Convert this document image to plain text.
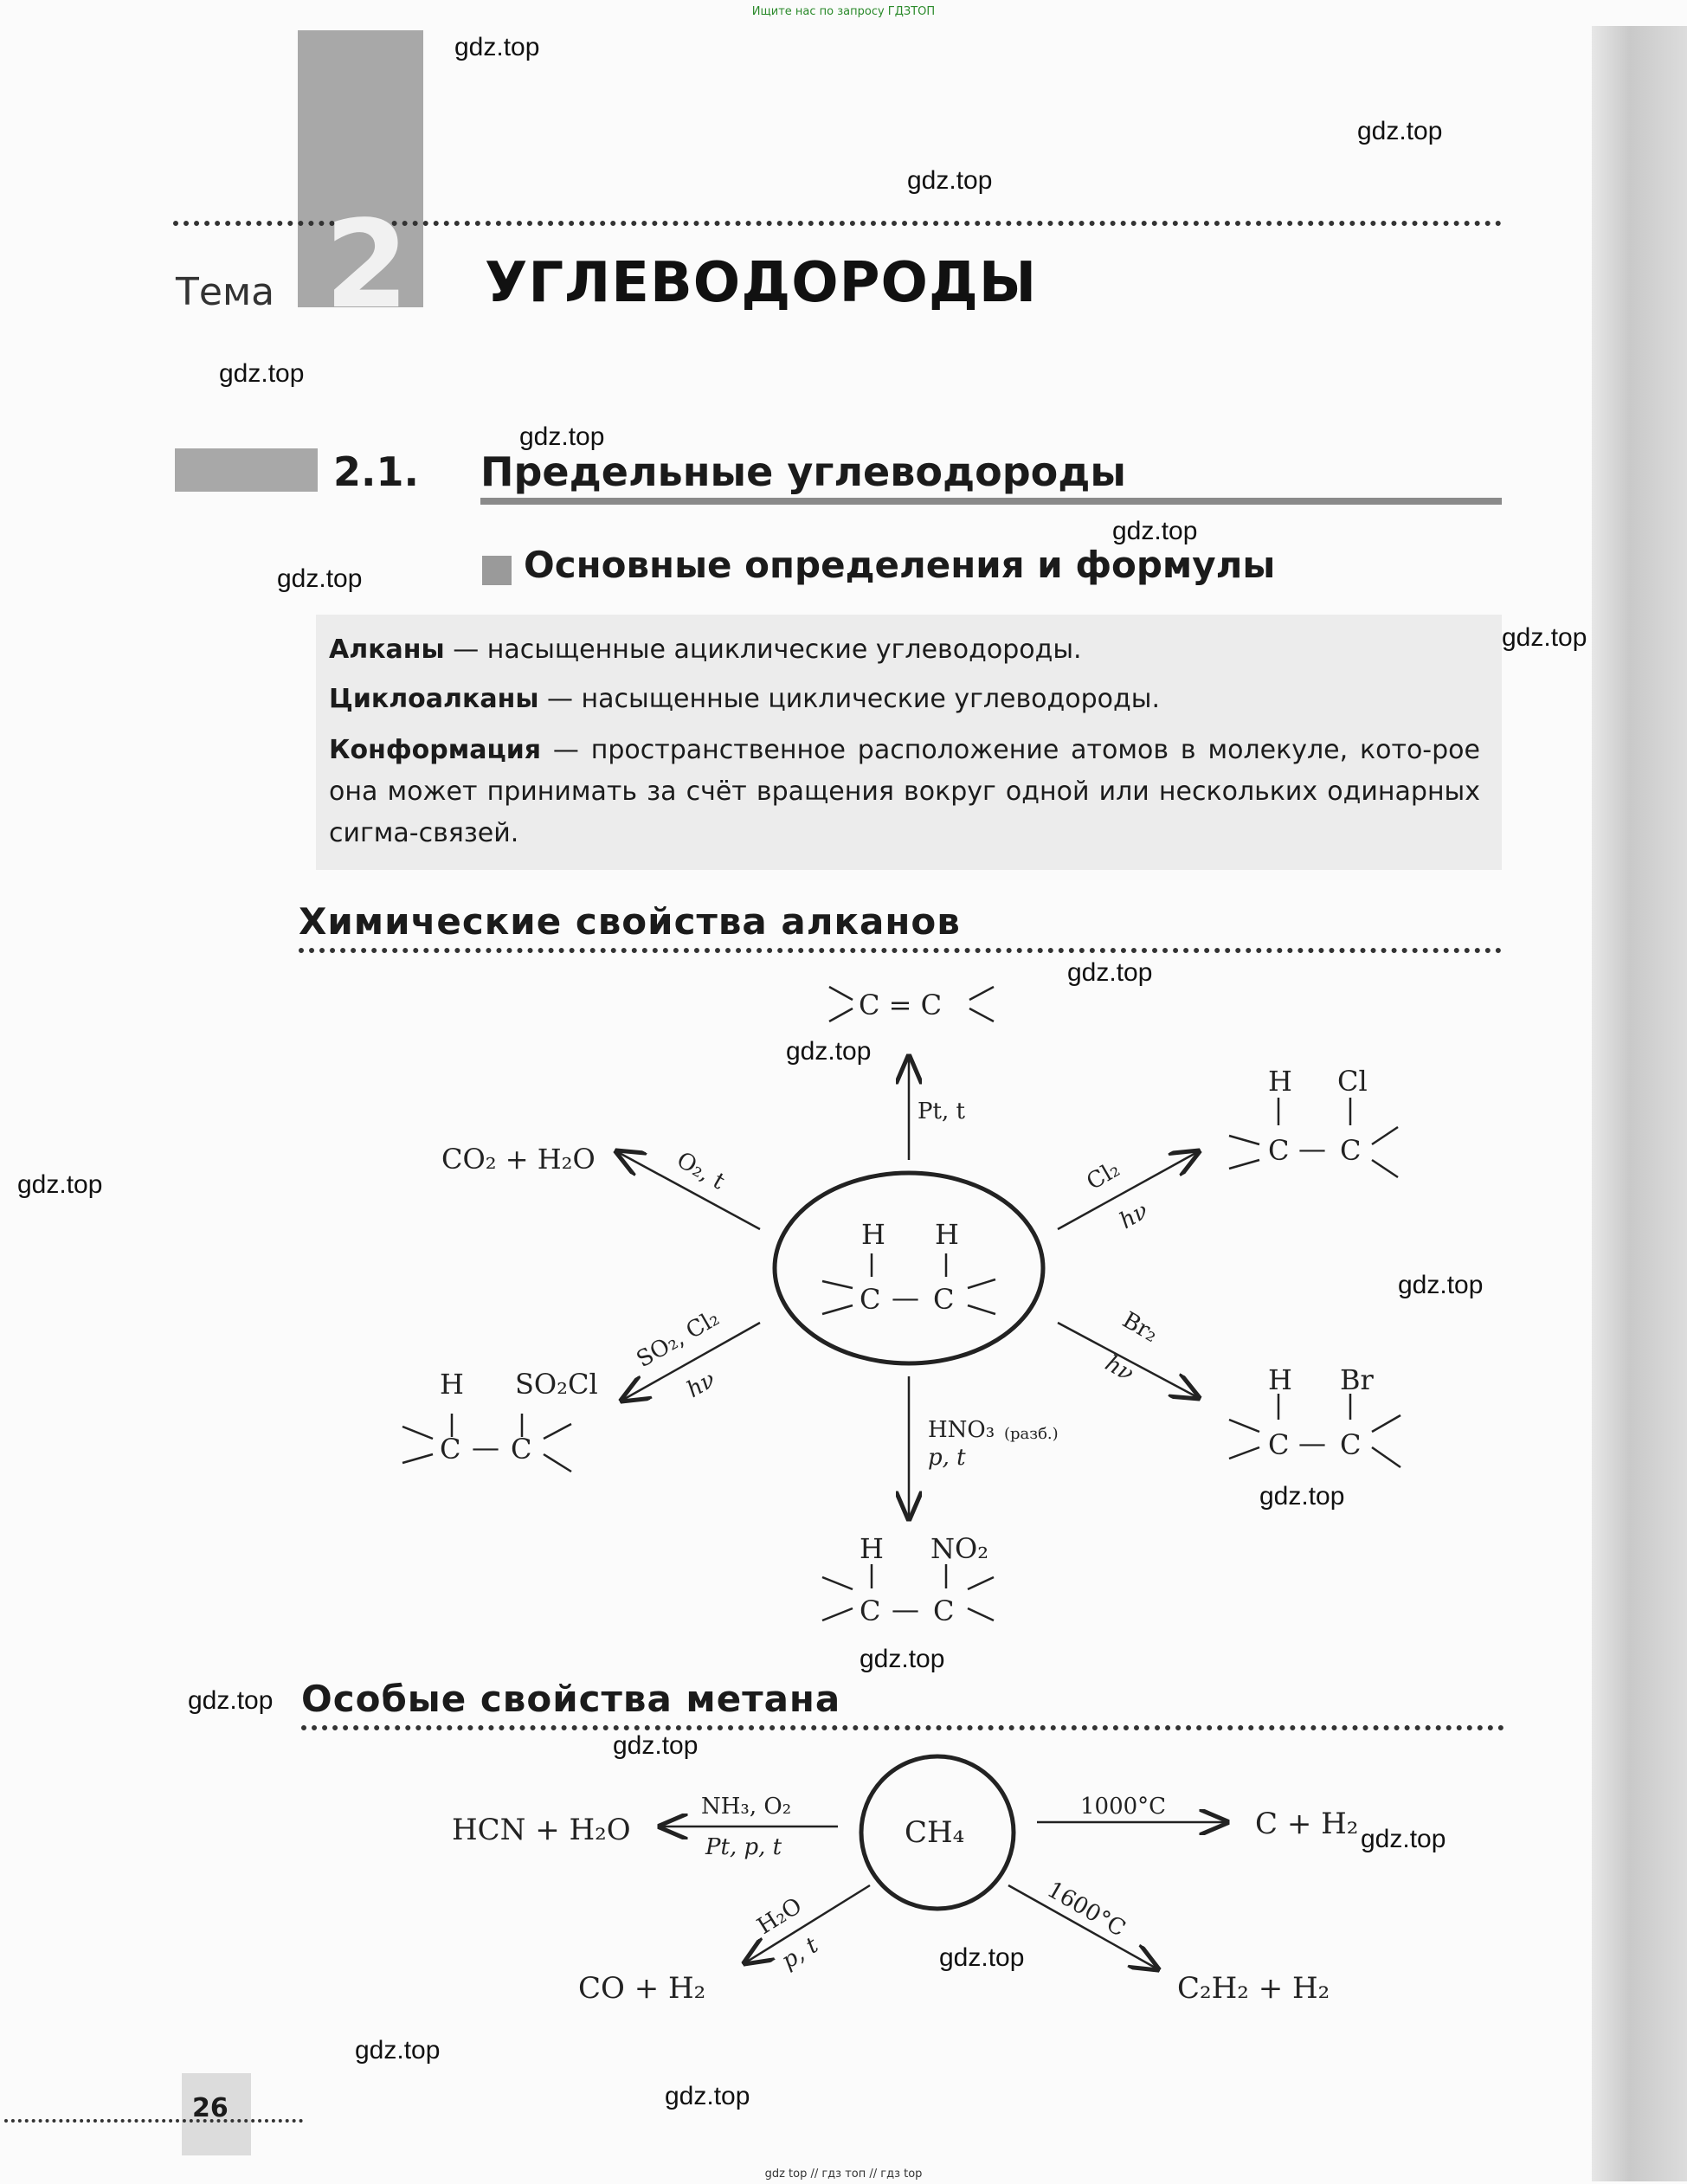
Ищите нас по запросу ГДЗТОП
Тема 2 УГЛЕВОДОРОДЫ
2.1. Предельные углеводороды
Основные определения и формулы
Алканы — насыщенные ациклические углеводороды.
Циклоалканы — насыщенные циклические углеводороды.
Конформация — пространственное расположение атомов в молекуле, кото-рое она может принимать за счёт вращения вокруг одной или нескольких одинарных сигма-связей.
Химические свойства алканов
H H
C — C
C = C
Pt, t
CO₂ + H₂O	O₂, t
H Cl
C — C
Cl₂
hν
H SO₂Cl
C — C
SO₂, Cl₂
hν	H Br
C — C
Br₂
hν
H NO₂
C — C
HNO₃ (разб.)
p, t
Особые свойства метана
CH₄
HCN + H₂O
NH₃, O₂
Pt, p, t
C + H₂
1000°C
CO + H₂
H₂O
p, t
C₂H₂ + H₂
1600°C
26
gdz.top
gdz.top
gdz.top
gdz.top
gdz.top
gdz.top
gdz.top
gdz.top
gdz.top
gdz.top
gdz.top
gdz.top
gdz.top
gdz.top
gdz.top
gdz.top
gdz.top
gdz.top
gdz.top
gdz.top
gdz top // гдз топ // гдз top
